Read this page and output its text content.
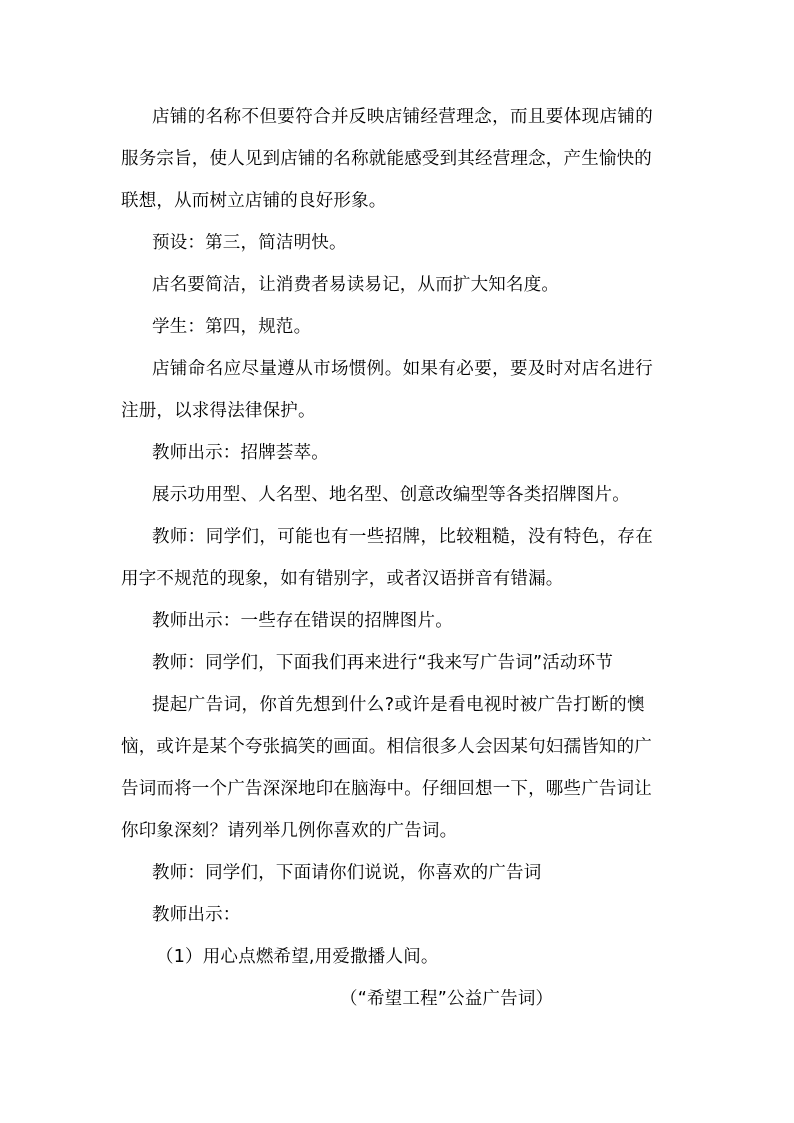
店铺的名称不但要符合并反映店铺经营理念，而且要体现店铺的
服务宗旨，使人见到店铺的名称就能感受到其经营理念，产生愉快的
联想，从而树立店铺的良好形象。
预设：第三，简洁明快。
店名要简洁，让消费者易读易记，从而扩大知名度。
学生：第四，规范。
店铺命名应尽量遵从市场惯例。如果有必要，要及时对店名进行
注册，以求得法律保护。
教师出示：招牌荟萃。
展示功用型、人名型、地名型、创意改编型等各类招牌图片。
教师：同学们，可能也有一些招牌，比较粗糙，没有特色，存在
用字不规范的现象，如有错别字，或者汉语拼音有错漏。
教师出示：一些存在错误的招牌图片。
教师：同学们，下面我们再来进行“我来写广告词”活动环节
提起广告词，你首先想到什么?或许是看电视时被广告打断的懊
恼，或许是某个夸张搞笑的画面。相信很多人会因某句妇孺皆知的广
告词而将一个广告深深地印在脑海中。仔细回想一下，哪些广告词让
你印象深刻？请列举几例你喜欢的广告词。
教师：同学们，下面请你们说说，你喜欢的广告词
教师出示：
（1）用心点燃希望,用爱撒播人间。
（“希望工程”公益广告词）
